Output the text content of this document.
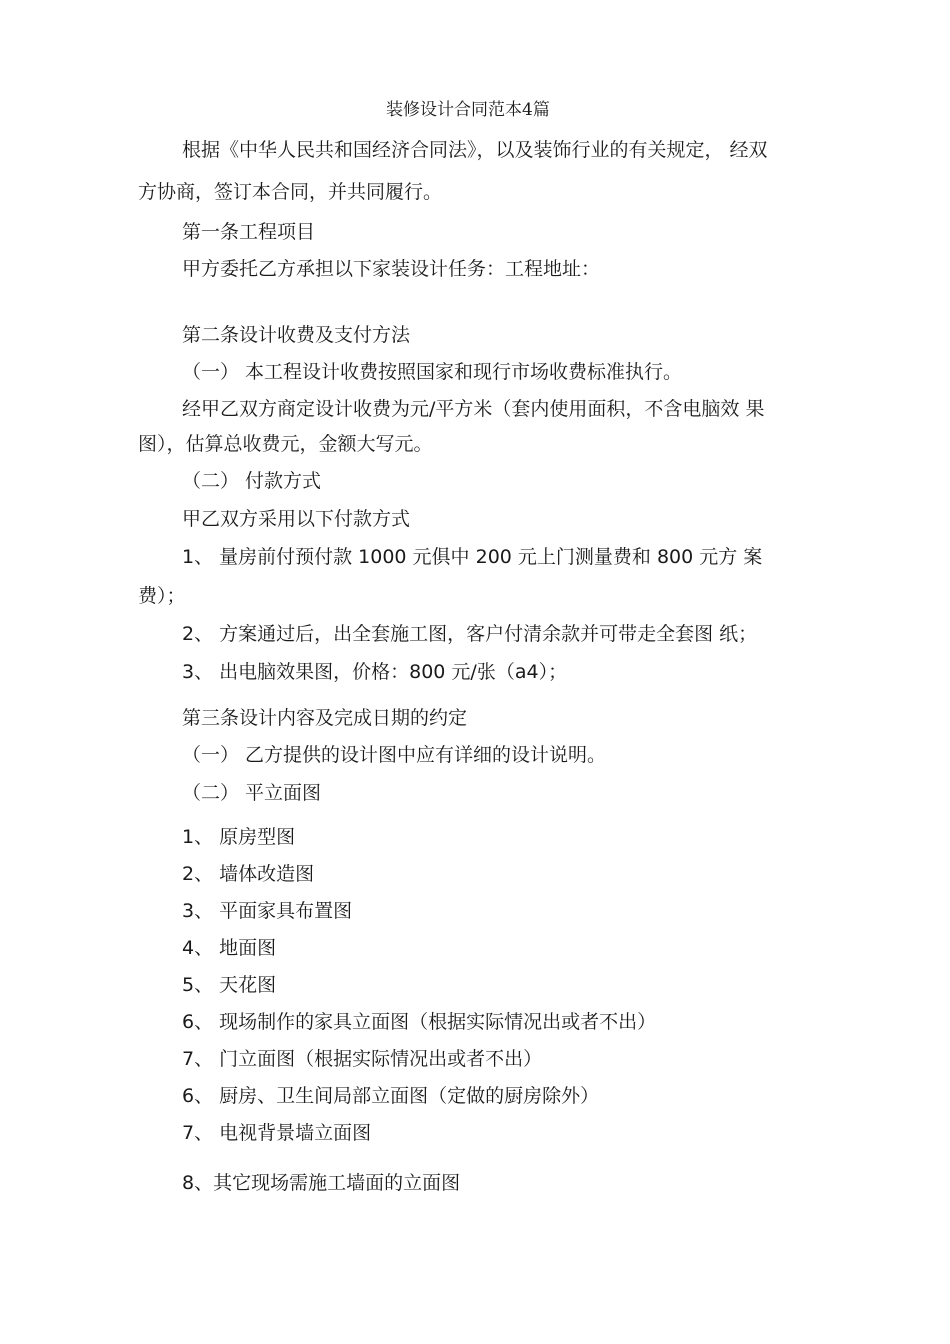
装修设计合同范本4篇
根据《中华人民共和国经济合同法》，以及装饰行业的有关规定， 经双
方协商，签订本合同，并共同履行。
第一条工程项目
甲方委托乙方承担以下家装设计任务：工程地址：
第二条设计收费及支付方法
（一） 本工程设计收费按照国家和现行市场收费标准执行。
经甲乙双方商定设计收费为元/平方米（套内使用面积，不含电脑效 果
图），估算总收费元，金额大写元。
（二） 付款方式
甲乙双方采用以下付款方式
1、 量房前付预付款 1000 元俱中 200 元上门测量费和 800 元方 案
费）；
2、 方案通过后，出全套施工图，客户付清余款并可带走全套图 纸；
3、 出电脑效果图，价格：800 元/张（a4）；
第三条设计内容及完成日期的约定
（一） 乙方提供的设计图中应有详细的设计说明。
（二） 平立面图
1、 原房型图
2、 墙体改造图
3、 平面家具布置图
4、 地面图
5、 天花图
6、 现场制作的家具立面图（根据实际情况出或者不出）
7、 门立面图（根据实际情况出或者不出）
6、 厨房、卫生间局部立面图（定做的厨房除外）
7、 电视背景墙立面图
8、其它现场需施工墙面的立面图
